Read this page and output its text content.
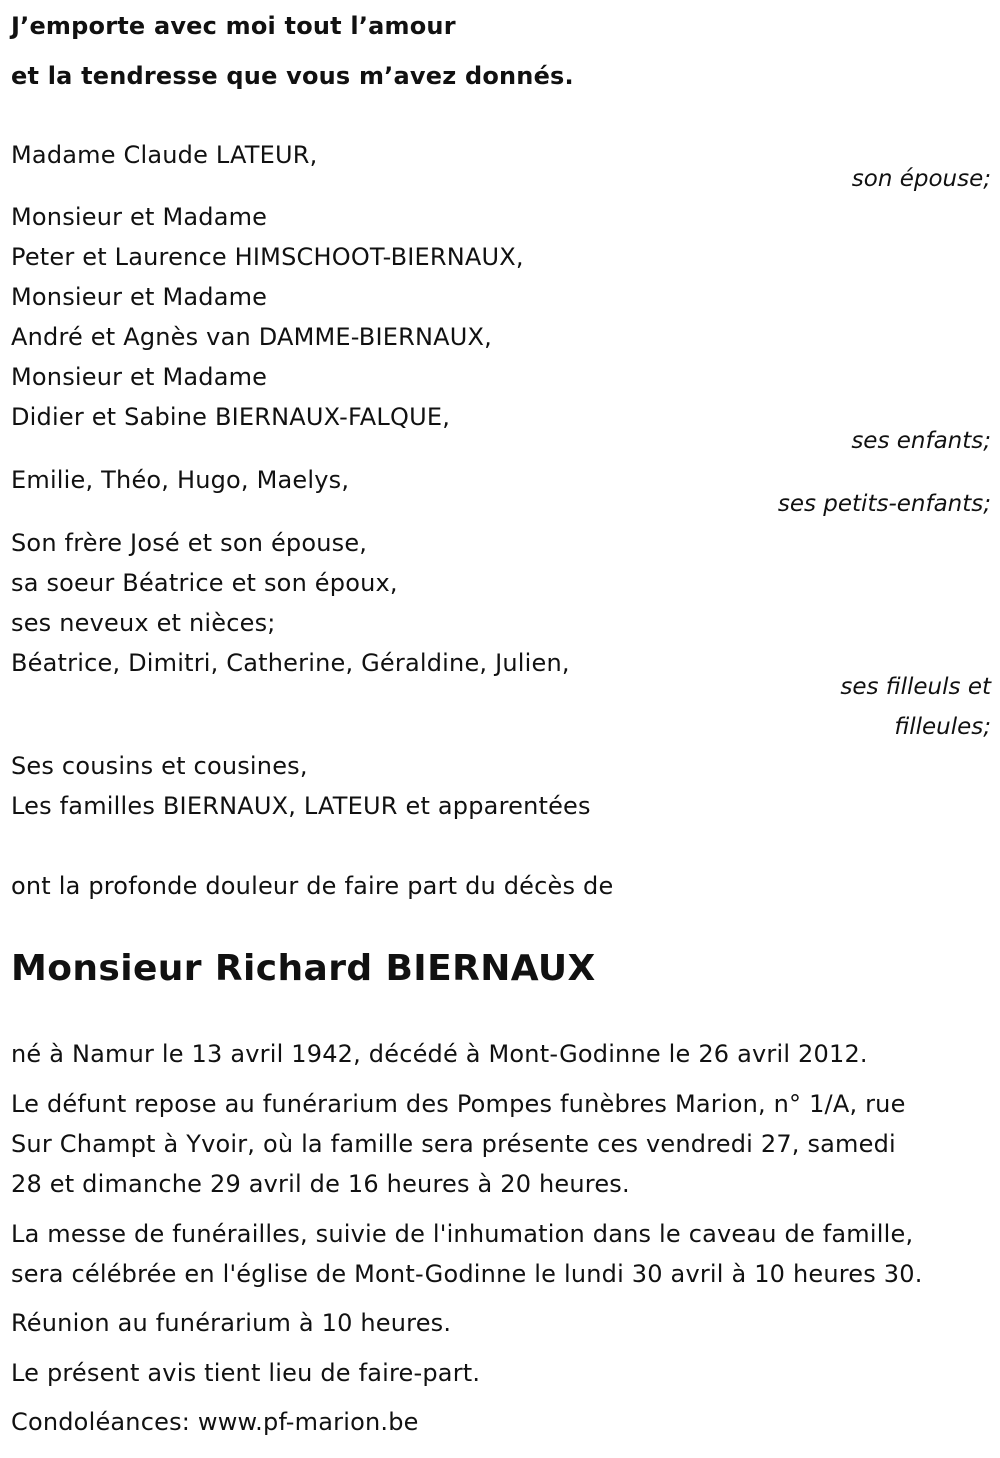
J’emporte avec moi tout l’amour
et la tendresse que vous m’avez donnés.
Madame Claude LATEUR,
son épouse;
Monsieur et Madame
Peter et Laurence HIMSCHOOT-BIERNAUX,
Monsieur et Madame
André et Agnès van DAMME-BIERNAUX,
Monsieur et Madame
Didier et Sabine BIERNAUX-FALQUE,
ses enfants;
Emilie, Théo, Hugo, Maelys,
ses petits-enfants;
Son frère José et son épouse,
sa soeur Béatrice et son époux,
ses neveux et nièces;
Béatrice, Dimitri, Catherine, Géraldine, Julien,
ses filleuls et
filleules;
Ses cousins et cousines,
Les familles BIERNAUX, LATEUR et apparentées
ont la profonde douleur de faire part du décès de
Monsieur Richard BIERNAUX
né à Namur le 13 avril 1942, décédé à Mont-Godinne le 26 avril 2012.
Le défunt repose au funérarium des Pompes funèbres Marion, n° 1/A, rue
Sur Champt à Yvoir, où la famille sera présente ces vendredi 27, samedi
28 et dimanche 29 avril de 16 heures à 20 heures.
La messe de funérailles, suivie de l'inhumation dans le caveau de famille,
sera célébrée en l'église de Mont-Godinne le lundi 30 avril à 10 heures 30.
Réunion au funérarium à 10 heures.
Le présent avis tient lieu de faire-part.
Condoléances: www.pf-marion.be
